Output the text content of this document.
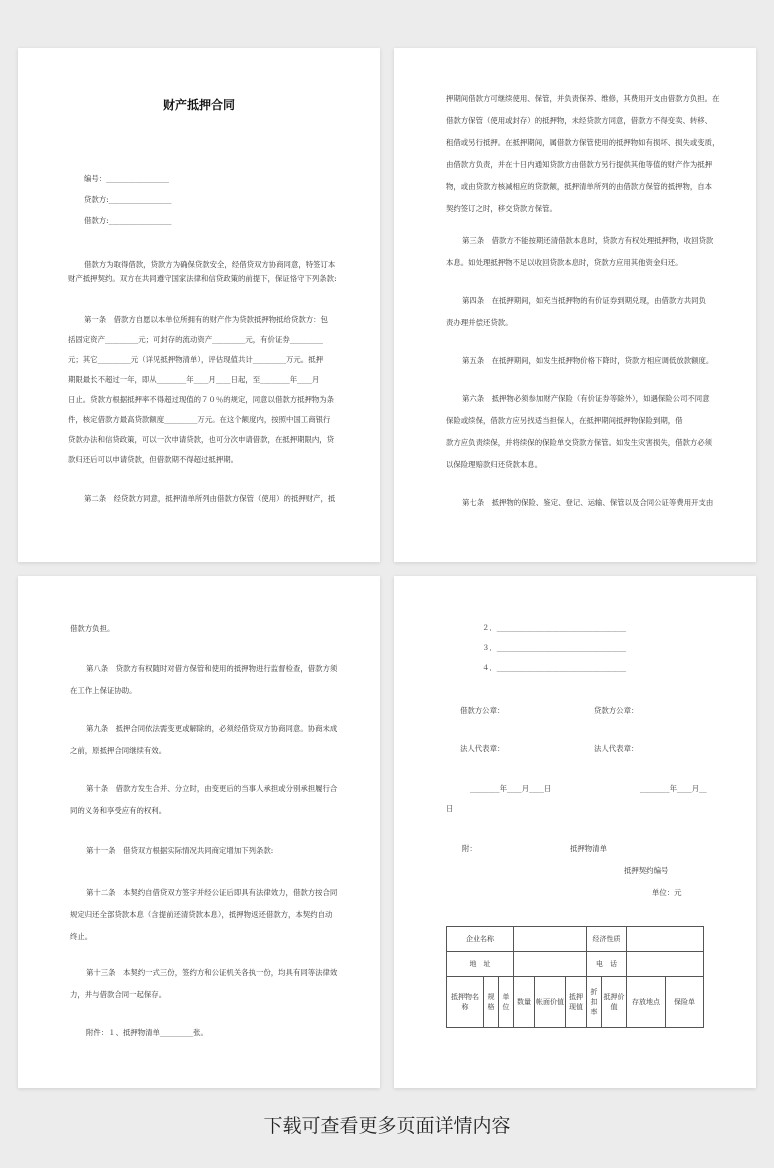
财产抵押合同
编号：_________________
贷款方:_________________
借款方:_________________
借款方为取得借款，贷款方为确保贷款安全，经借贷双方协商同意，特签订本
财产抵押契约。双方在共同遵守国家法律和信贷政策的前提下，保证恪守下列条款:
第一条　借款方自愿以本单位所拥有的财产作为贷款抵押物抵给贷款方：包
括固定资产_________元；可封存的流动资产_________元，有价证券_________
元；其它_________元（详见抵押物清单），评估现值共计_________万元。抵押
期限最长不超过一年，即从________年____月____日起，至________年____月
日止。贷款方根据抵押率不得超过现值的７０％的规定，同意以借款方抵押物为条
件，核定借款方最高贷款额度_________万元。在这个额度内，按照中国工商银行
贷款办法和信贷政策，可以一次申请贷款，也可分次申请借款，在抵押期限内，贷
款归还后可以申请贷款，但借款期不得超过抵押期。
第二条　经贷款方同意，抵押清单所列由借款方保管（使用）的抵押财产，抵
押期间借款方可继续使用、保管，并负责保养、维修，其费用开支由借款方负担。在
借款方保管（使用或封存）的抵押物，未经贷款方同意，借款方不得变卖、转移、
租借或另行抵押。在抵押期间，属借款方保管使用的抵押物如有损坏、损失或变质，
由借款方负责，并在十日内通知贷款方由借款方另行提供其他等值的财产作为抵押
物，或由贷款方核减相应的贷款额，抵押清单所列的由借款方保管的抵押物，自本
契约签订之时，移交贷款方保管。
第三条　借款方不能按期还清借款本息时，贷款方有权处理抵押物，收回贷款
本息。如处理抵押物不足以收回贷款本息时，贷款方应用其他资金归还。
第四条　在抵押期间，如充当抵押物的有价证券到期兑现，由借款方共同负
责办理并偿还贷款。
第五条　在抵押期间，如发生抵押物价格下降时，贷款方相应调低放款额度。
第六条　抵押物必须参加财产保险（有价证券等除外），如遇保险公司不同意
保险或续保，借款方应另找适当担保人，在抵押期间抵押物保险到期，借
款方应负责续保，并将续保的保险单交贷款方保管。如发生灾害损失，借款方必须
以保险理赔款归还贷款本息。
第七条　抵押物的保险、鉴定、登记、运输、保管以及合同公证等费用开支由
借款方负担。
第八条　贷款方有权随时对借方保管和使用的抵押物进行监督检查，借款方须
在工作上保证协助。
第九条　抵押合同依法需变更或解除的，必须经借贷双方协商同意。协商未成
之前，原抵押合同继续有效。
第十条　借款方发生合并、分立时，由变更后的当事人承担或分别承担履行合
同的义务和享受应有的权利。
第十一条　借贷双方根据实际情况共同商定增加下列条款:
第十二条　本契约自借贷双方签字并经公证后即具有法律效力，借款方按合同
规定归还全部贷款本息（含提前还清贷款本息），抵押物返还借款方，本契约自动
终止。
第十三条　本契约一式三份，签约方和公证机关各执一份，均具有同等法律效
力，并与借款合同一起保存。
附件：１、抵押物清单_________张。
２．___________________________________
３．___________________________________
４．___________________________________
借款方公章：	贷款方公章：
法人代表章：	法人代表章：
________年____月____日	________年____月__
日
附：	抵押物清单
抵押契约编号
单位：元
企业名称						经济性质			
地　址						电　话			
抵押物名称	规格	单位	数量	帐面价值	抵押现值	折扣率	抵押价值	存放地点	保险单
下载可查看更多页面详情内容
